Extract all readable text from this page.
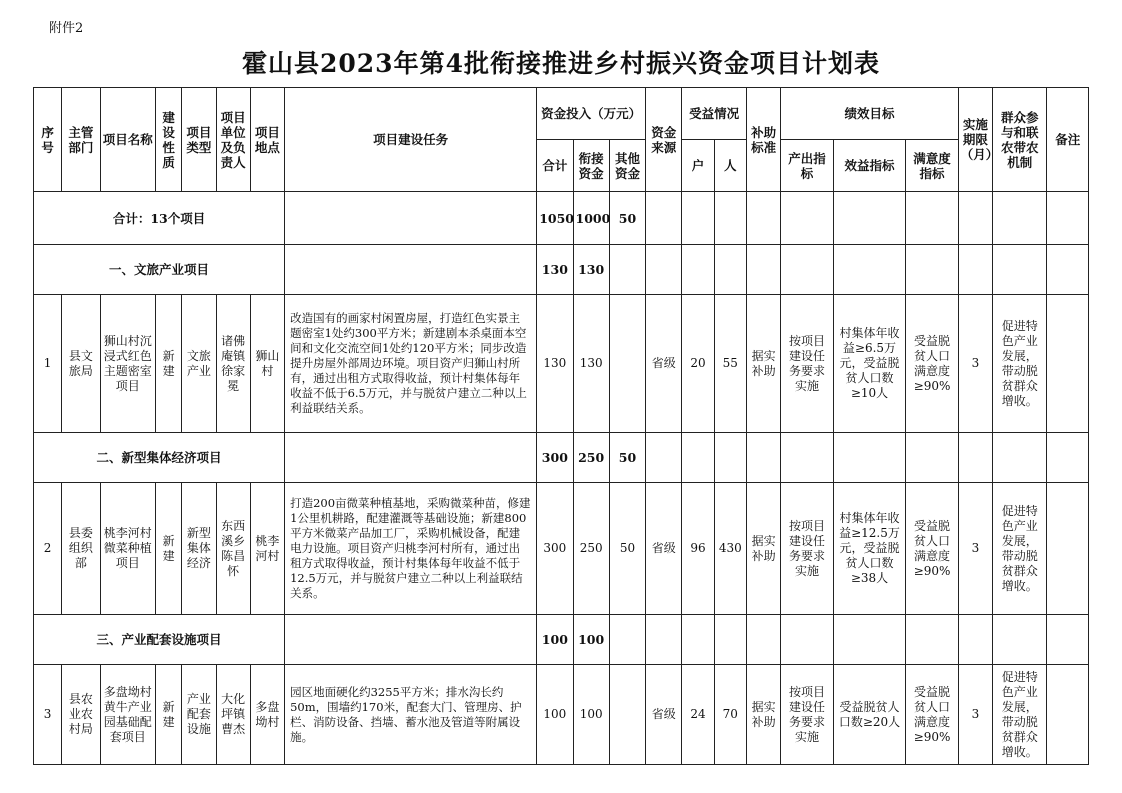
附件2
霍山县2023年第4批衔接推进乡村振兴资金项目计划表
序号	主管部门	项目名称	建设性质	项目类型	项目单位及负责人	项目地点	项目建设任务	资金投入（万元）			资金来源	受益情况		补助标准	绩效目标			实施期限（月）	群众参与和联农带农机制	备注
								合计	衔接资金	其他资金		户	人		产出指标	效益指标	满意度指标			
合计：13个项目								1050	1000	50										
一、文旅产业项目								130	130											
1	县文旅局	狮山村沉浸式红色主题密室项目	新建	文旅产业	诸佛庵镇徐家冕	狮山村	改造国有的画家村闲置房屋，打造红色实景主题密室1处约300平方米；新建剧本杀桌面本空间和文化交流空间1处约120平方米；同步改造提升房屋外部周边环境。项目资产归狮山村所有，通过出租方式取得收益，预计村集体每年收益不低于6.5万元，并与脱贫户建立二种以上利益联结关系。	130	130		省级	20	55	据实补助	按项目建设任务要求实施	村集体年收益≥6.5万元，受益脱贫人口数≥10人	受益脱贫人口满意度≥90%	3	促进特色产业发展，带动脱贫群众增收。	
二、新型集体经济项目								300	250	50										
2	县委组织部	桃李河村微菜种植项目	新建	新型集体经济	东西溪乡陈昌怀	桃李河村	打造200亩微菜种植基地，采购微菜种苗，修建1公里机耕路，配建灌溉等基础设施；新建800平方米微菜产品加工厂，采购机械设备，配建电力设施。项目资产归桃李河村所有，通过出租方式取得收益，预计村集体每年收益不低于12.5万元，并与脱贫户建立二种以上利益联结关系。	300	250	50	省级	96	430	据实补助	按项目建设任务要求实施	村集体年收益≥12.5万元，受益脱贫人口数≥38人	受益脱贫人口满意度≥90%	3	促进特色产业发展，带动脱贫群众增收。	
三、产业配套设施项目								100	100											
3	县农业农村局	多盘坳村黄牛产业园基础配套项目	新建	产业配套设施	大化坪镇曹杰	多盘坳村	园区地面硬化约3255平方米；排水沟长约50m，围墙约170米，配套大门、管理房、护栏、消防设备、挡墙、蓄水池及管道等附属设施。	100	100		省级	24	70	据实补助	按项目建设任务要求实施	受益脱贫人口数≥20人	受益脱贫人口满意度≥90%	3	促进特色产业发展，带动脱贫群众增收。	
